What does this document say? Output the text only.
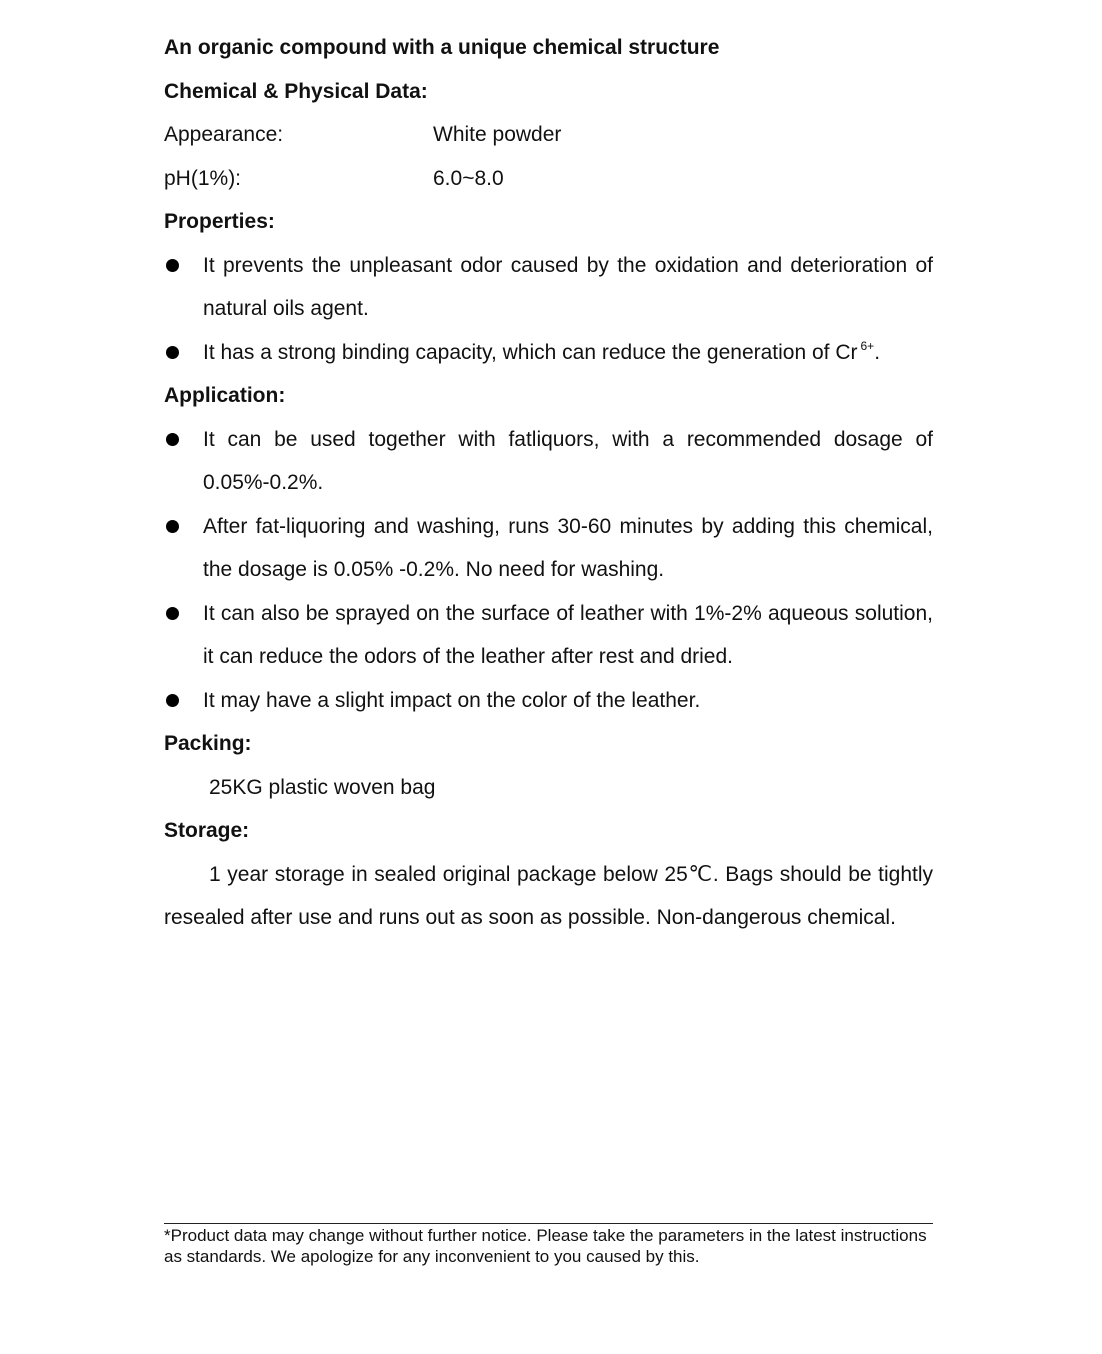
An organic compound with a unique chemical structure
Chemical & Physical Data:
Appearance:	White powder
pH(1%):	6.0~8.0
Properties:
It prevents the unpleasant odor caused by the oxidation and deterioration of natural oils agent.
It has a strong binding capacity, which can reduce the generation of Cr $^{6+}$.
Application:
It can be used together with fatliquors, with a recommended dosage of 0.05%-0.2%.
After fat-liquoring and washing, runs 30-60 minutes by adding this chemical, the dosage is 0.05% -0.2%. No need for washing.
It can also be sprayed on the surface of leather with 1%-2% aqueous solution, it can reduce the odors of the leather after rest and dried.
It may have a slight impact on the color of the leather.
Packing:
25KG plastic woven bag
Storage:
1 year storage in sealed original package below 25℃. Bags should be tightly resealed after use and runs out as soon as possible. Non-dangerous chemical.
*Product data may change without further notice. Please take the parameters in the latest instructions as standards. We apologize for any inconvenient to you caused by this.
